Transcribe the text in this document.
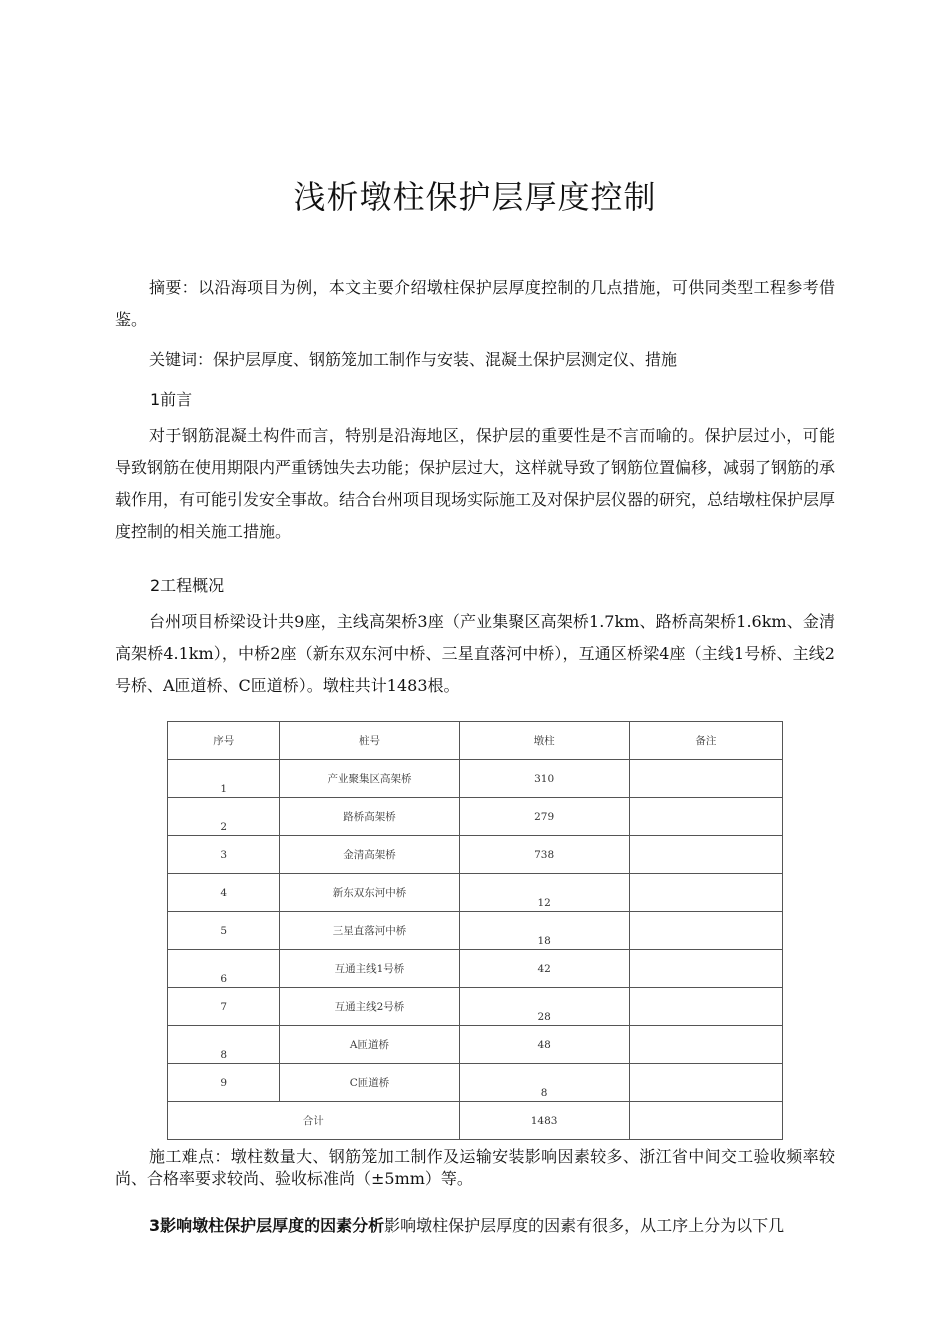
浅析墩柱保护层厚度控制

摘要：以沿海项目为例，本文主要介绍墩柱保护层厚度控制的几点措施，可供同类型工程参考借鉴。

关键词：保护层厚度、钢筋笼加工制作与安装、混凝土保护层测定仪、措施

1前言

对于钢筋混凝土构件而言，特别是沿海地区，保护层的重要性是不言而喻的。保护层过小，可能导致钢筋在使用期限内严重锈蚀失去功能；保护层过大，这样就导致了钢筋位置偏移，减弱了钢筋的承载作用，有可能引发安全事故。结合台州项目现场实际施工及对保护层仪器的研究，总结墩柱保护层厚度控制的相关施工措施。

2工程概况

台州项目桥梁设计共9座，主线高架桥3座（产业集聚区高架桥1.7km、路桥高架桥1.6km、金清高架桥4.1km），中桥2座（新东双东河中桥、三星直落河中桥），互通区桥梁4座（主线1号桥、主线2号桥、A匝道桥、C匝道桥）。墩柱共计1483根。

序号	桩号	墩柱	备注
1	产业聚集区高架桥	310	
2	路桥高架桥	279	
3	金清高架桥	738	
4	新东双东河中桥	12	
5	三星直落河中桥	18	
6	互通主线1号桥	42	
7	互通主线2号桥	28	
8	A匝道桥	48	
9	C匝道桥	8	
合计		1483	

施工难点：墩柱数量大、钢筋笼加工制作及运输安装影响因素较多、浙江省中间交工验收频率较尚、合格率要求较尚、验收标准尚（±5mm）等。

3影响墩柱保护层厚度的因素分析影响墩柱保护层厚度的因素有很多，从工序上分为以下几
